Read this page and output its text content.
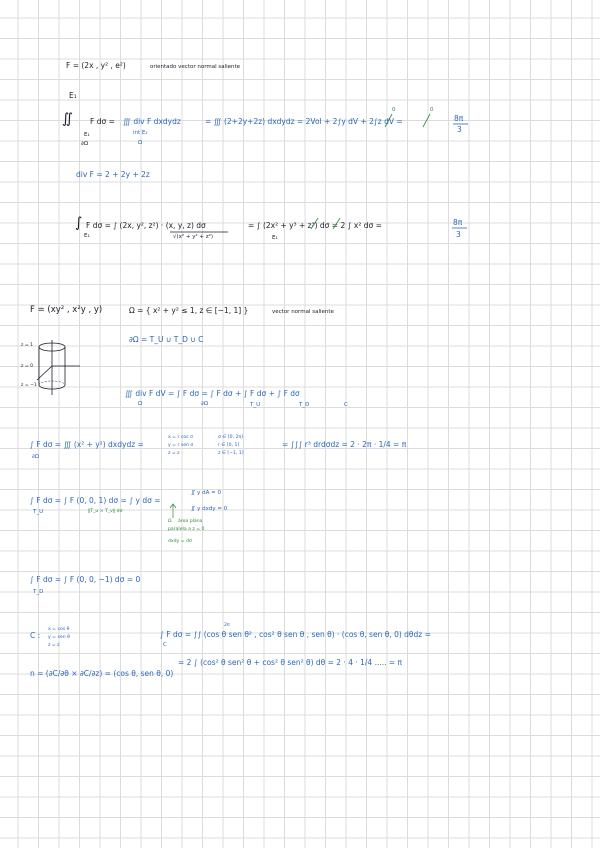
F = (2x , y² , e²)	orientado vector normal saliente
E₁
∬ F dσ =
E₁
∂Ω
∭ div F dxdydz
int E₁
Ω
= ∭ (2+2y+2z) dxdydz = 2Vol + 2∫y dV + 2∫z dV =
0	0
8π
3
div F = 2 + 2y + 2z
∫ F dσ = ∫ (2x, y², z²) · (x, y, z) dσ
E₁	√(x² + y² + z²)
= ∫ (2x² + y³ + z³) dσ = 2 ∫ x² dσ =
E₁
8π
3
F = (xy² , x²y , y)	Ω = { x² + y² ≤ 1, z ∈ [−1, 1] }	vector normal saliente
∂Ω = T_U ∪ T_D ∪ C
z = 1
z = 0
z = −1
∭ div F dV = ∫ F dσ = ∫ F dσ + ∫ F dσ + ∫ F dσ
Ω	∂Ω	T_U	T_D	C
∫ F dσ = ∭ (x² + y²) dxdydz =
∂Ω
x = r cos σ
y = r sen σ
z = z
σ ∈ [0, 2π]
r ∈ [0, 1]
z ∈ [−1, 1]
= ∫∫∫ r³ drdσdz = 2 · 2π · 1/4 = π
∫ F dσ = ∫ F (0, 0, 1) dσ = ∫ y dσ =
T_U	‖T_u × T_v‖ dσ
∬ y dA = 0
∬ y dxdy = 0
Ω área plana
paralela a z = 0
dxdy = dσ
∫ F dσ = ∫ F (0, 0, −1) dσ = 0
T_D
C :
x = cos θ
y = sen θ
z = z
∫ F dσ = ∫∫ (cos θ sen θ² , cos² θ sen θ , sen θ) · (cos θ, sen θ, 0) dθdz =
C
2π
= 2 ∫ (cos² θ sen² θ + cos² θ sen² θ) dθ = 2 · 4 · 1/4 ..... = π
n = (∂C/∂θ × ∂C/∂z) = (cos θ, sen θ, 0)
